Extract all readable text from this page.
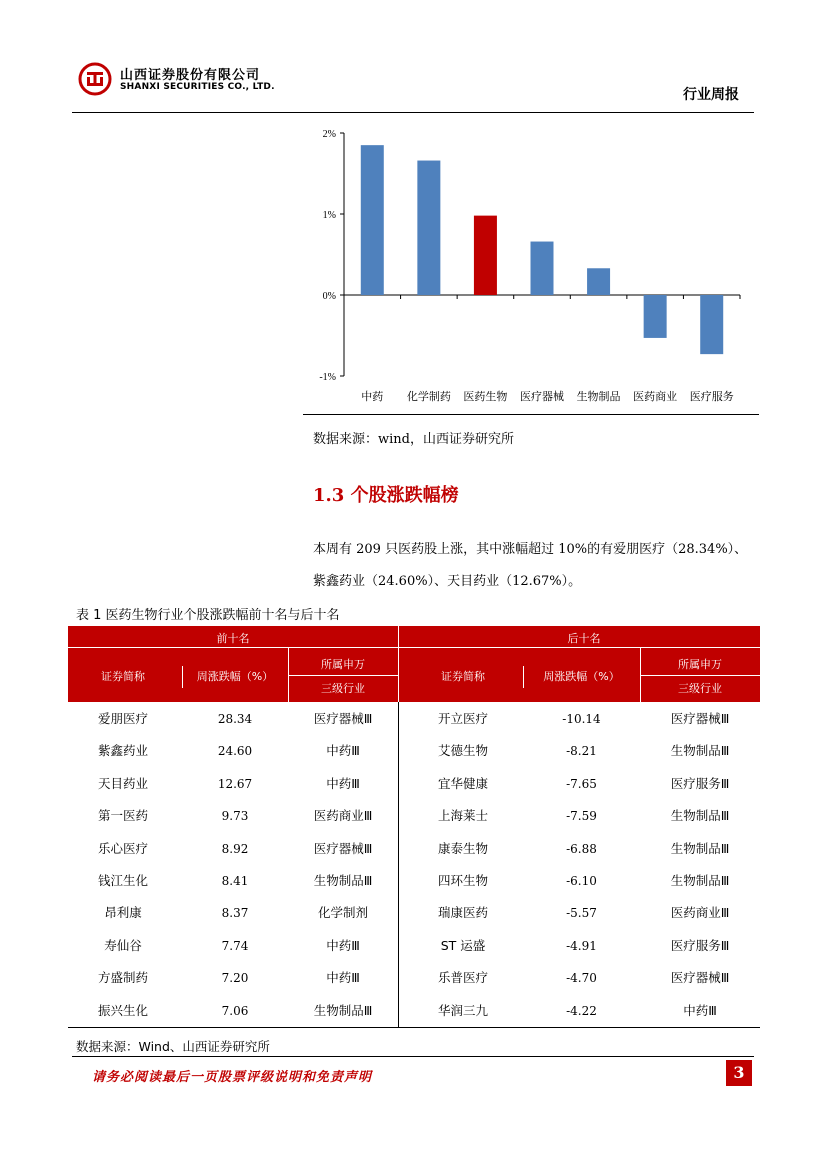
山西证券股份有限公司
SHANXI SECURITIES CO., LTD.	行业周报
2%
1%
0%
-1%
中药 化学制药 医药生物 医疗器械 生物制品 医药商业 医疗服务
数据来源：wind，山西证券研究所
1.3 个股涨跌幅榜
本周有 209 只医药股上涨，其中涨幅超过 10%的有爱朋医疗（28.34%）、
紫鑫药业（24.60%）、天目药业（12.67%）。
表 1 医药生物行业个股涨跌幅前十名与后十名
前十名	后十名
证券简称	周涨跌幅（%）
所属申万
三级行业
证券简称	周涨跌幅（%）
所属申万
三级行业
爱朋医疗	28.34	医疗器械Ⅲ	开立医疗	-10.14	医疗器械Ⅲ
紫鑫药业	24.60	中药Ⅲ	艾德生物	-8.21	生物制品Ⅲ
天目药业	12.67	中药Ⅲ	宜华健康	-7.65	医疗服务Ⅲ
第一医药	9.73	医药商业Ⅲ	上海莱士	-7.59	生物制品Ⅲ
乐心医疗	8.92	医疗器械Ⅲ	康泰生物	-6.88	生物制品Ⅲ
钱江生化	8.41	生物制品Ⅲ	四环生物	-6.10	生物制品Ⅲ
昂利康	8.37	化学制剂	瑞康医药	-5.57	医药商业Ⅲ
寿仙谷	7.74	中药Ⅲ	ST 运盛	-4.91	医疗服务Ⅲ
方盛制药	7.20	中药Ⅲ	乐普医疗	-4.70	医疗器械Ⅲ
振兴生化	7.06	生物制品Ⅲ	华润三九	-4.22	中药Ⅲ
数据来源：Wind、山西证券研究所
请务必阅读最后一页股票评级说明和免责声明	3
